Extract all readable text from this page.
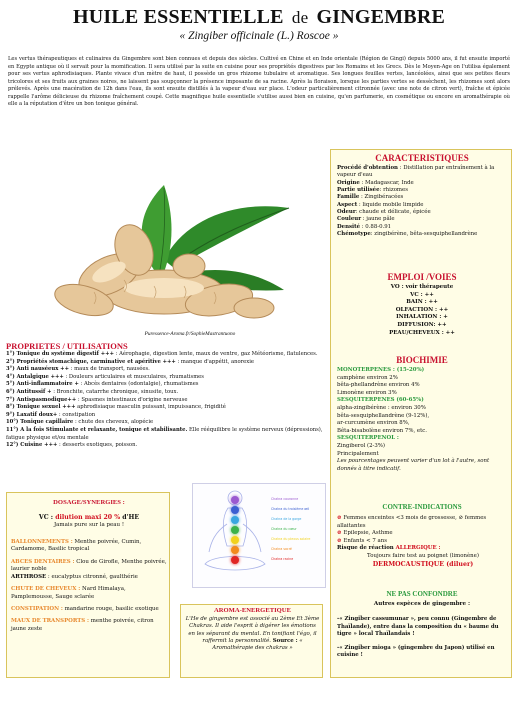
HUILE ESSENTIELLE de GINGEMBRE
« Zingiber officinale (L.) Roscoe »
Les vertus thérapeutiques et culinaires du Gingembre sont bien connues et depuis des siècles. Cultivé en Chine et en Inde orientale (Région de Gingi) depuis 5000 ans, il fut ensuite importé en Egypte antique où il servait pour la momification. Il sera utilisé par la suite en cuisine pour ses propriétés digestives par les Romains et les Grecs. Dès le Moyen-Age on l'utilisa également pour ses vertus aphrodisiaques. Plante vivace d'un mètre de haut, il possède un gros rhizome tubulaire et aromatique. Ses longues feuilles vertes, lancéolées, ainsi que ses petites fleurs tricolores et ses fruits aux graines noires, ne laissent pas soupçonner la présence imposante de sa racine. Après la floraison, lorsque les parties vertes se dessèchent, les rhizomes sont alors prélevés. Après une macération de 12h dans l'eau, ils sont ensuite distillés à la vapeur d'eau sur place. L'odeur particulièrement citronnée (avec une note de citron vert), fraîche et épicée rappelle l'arôme délicieuse du rhizome fraîchement coupé. Cette magnifique huile essentielle s'utilise aussi bien en cuisine, qu'en parfumerie, en cosmétique ou encore en aromathérapie où elle a la réputation d'être un bon tonique général.
Puressence-Aroma.fr/SophieMastrantuono
PROPRIETES / UTILISATIONS
1°) Tonique du système digestif +++ : Aérophagie, digestion lente, maux de ventre, gaz Météorisme, flatulences.
2°) Propriétés stomachique, carminative et apéritive +++ : manque d'appétit, anorexie
3°) Anti nauséeux ++ : maux de transport, nausées.
4°) Antalgique +++ : Douleurs articulaires et musculaires, rhumatismes
5°) Anti-inflammatoire + : Abcès dentaires (odontalgie), rhumatismes
6°) Antitussif + : Bronchite, catarrhe chronique, sinusite, toux.
7°) Antispasmodique++ : Spasmes intestinaux d'origine nerveuse
8°) Tonique sexuel +++ aphrodisiaque masculin puissant, impuissance, frigidité
9°) Laxatif doux+ : constipation
10°) Tonique capillaire : chute des cheveux, alopécie
11°) A la fois Stimulante et relaxante, tonique et stabilisante. Elle rééquilibre le système nerveux (dépressions), fatigue physique et/ou mentale
12°) Cuisine +++ : desserts exotiques, poisson.
CARACTERISTIQUES
Procédé d'obtention : Distillation par entraînement à la vapeur d'eau
Origine : Madagascar, Inde
Partie utilisée: rhizomes
Famille : Zingibéracées
Aspect : liquide mobile limpide
Odeur: chaude et délicate, épicée
Couleur : jaune pâle
Densité : 0.88-0.91
Chémotype: zingibérène, bêta-sesquiphellandrène
EMPLOI /VOIES
VO : voir thérapeute
VC : ++
BAIN : ++
OLFACTION : ++
INHALATION : +
DIFFUSION: ++
PEAU/CHEVEUX : ++
BIOCHIMIE
MONOTERPENES : (15-20%)
camphène environ 2%
bêta-phellandrène environ 4%
Limonène environ 3%
SESQUITERPENES (60-65%)
alpha-zingibérène : environ 30%
bêta-sesquiphellandrène (9-12%),
ar-curcumène environ 8%,
Bêta-bisabolène environ 7%, etc.
SESQUITERPENOL :
Zingiberol (2-3%)
Principalement
Les pourcentages peuvent varier d'un lot à l'autre, sont donnés à titre indicatif.
CONTRE-INDICATIONS
⊘ Femmes enceintes <3 mois de grossesse, ⊘ femmes allaitantes
⊘ Epilepsie, Asthme
⊘ Enfants < 7 ans
Risque de réaction ALLERGIQUE :
Toujours faire test au poignet (limonène)
DERMOCAUSTIQUE (diluer)
NE PAS CONFONDRE
Autres espèces de gingembre :
-« Zingiber cassumunar », peu connu (Gingembre de Thaïlande), entre dans la composition du « baume du tigre » local Thaïlandais !
-« Zingiber mioga » (gingembre du Japon) utilisé en cuisine !
DOSAGE/SYNERGIES :
VC : dilution maxi 20 % d'HE
Jamais pure sur la peau !

BALLONNEMENTS : Menthe poivrée, Cumin, Cardamome, Basilic tropical

ABCES DENTAIRES : Clou de Girofle, Menthe poivrée, laurier noble

ARTHROSE : eucalyptus citronné, gaulthérie

CHUTE DE CHEVEUX : Nard Himalaya, Pamplemousse, Sauge sclarée

CONSTIPATION : mandarine rouge, basilic exotique

MAUX DE TRANSPORTS : menthe poivrée, citron jaune zeste

Chakra couronne
Chakra du troisième œil
Chakra de la gorge
Chakra du cœur
Chakra du plexus solaire
Chakra sacré
Chakra racine
AROMA-ENERGETIQUE
L'He de gingembre est associé au 2ème Et 3ème Chakras. Il aide l'esprit à digérer les émotions en les séparant du mental. En tonifiant l'égo, il raffermit la personnalité. Source : « Aromathérapie des chakras »
